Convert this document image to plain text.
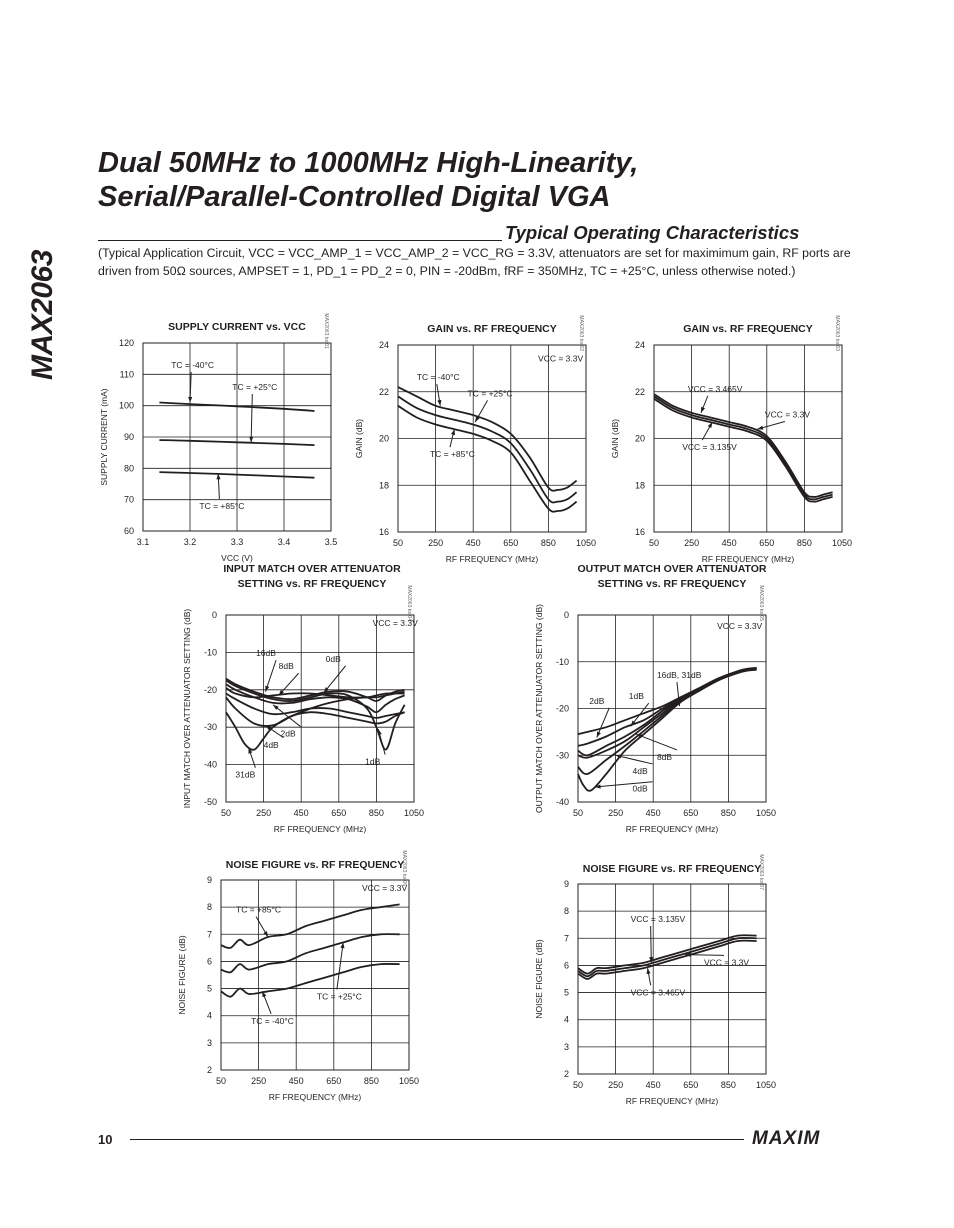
MAX2063
Dual 50MHz to 1000MHz High-Linearity,
Serial/Parallel-Controlled Digital VGA
Typical Operating Characteristics
(Typical Application Circuit, VCC = VCC_AMP_1 = VCC_AMP_2 = VCC_RG = 3.3V, attenuators are set for maximimum gain, RF ports are driven from 50Ω sources, AMPSET = 1, PD_1 = PD_2 = 0, PIN = -20dBm, fRF = 350MHz, TC = +25°C, unless otherwise noted.)
SUPPLY CURRENT vs. VCC
3.1	3.2	3.3	3.4	3.5
60
70
80
90
100
110
120
VCC (V)
SUPPLY CURRENT (mA)
MAX2063 toc01
TC = -40°C
TC = +25°C
TC = +85°C
GAIN vs. RF FREQUENCY
50	250	450	650	850 1050
16
18
20
22
24
RF FREQUENCY (MHz)
GAIN (dB)
MAX2063 toc02
VCC = 3.3V
TC = -40°C
TC = +25°C
TC = +85°C
GAIN vs. RF FREQUENCY
50	250	450	650	850 1050
16
18
20
22
24
RF FREQUENCY (MHz)
GAIN (dB)
MAX2063 toc03
VCC = 3.465V
VCC = 3.3V
VCC = 3.135V
INPUT MATCH OVER ATTENUATOR
SETTING vs. RF FREQUENCY
50	250	450	650	850 1050
-50
-40
-30
-20
-10
0
RF FREQUENCY (MHz)
INPUT MATCH OVER ATTENUATOR SETTING (dB)
MAX2063 toc04
VCC = 3.3V
16dB
8dB
0dB
2dB
4dB
31dB
1dB
OUTPUT MATCH OVER ATTENUATOR
SETTING vs. RF FREQUENCY
50	250	450	650	850 1050
-40
-30
-20
-10
0
RF FREQUENCY (MHz)
OUTPUT MATCH OVER ATTENUATOR SETTING (dB)
MAX2063 toc05
VCC = 3.3V
16dB, 31dB
1dB
2dB
8dB
4dB
0dB
NOISE FIGURE vs. RF FREQUENCY
50	250	450	650	850 1050
2
3
4
5
6
7
8
9
RF FREQUENCY (MHz)
NOISE FIGURE (dB)
MAX2063 toc06
VCC = 3.3V
TC = +85°C
TC = +25°C
TC = -40°C
NOISE FIGURE vs. RF FREQUENCY
50	250	450	650	850 1050
2
3
4
5
6
7
8
9
RF FREQUENCY (MHz)
NOISE FIGURE (dB)
MAX2063 toc07
VCC = 3.135V
VCC = 3.3V
VCC = 3.465V
10	MAXIM
